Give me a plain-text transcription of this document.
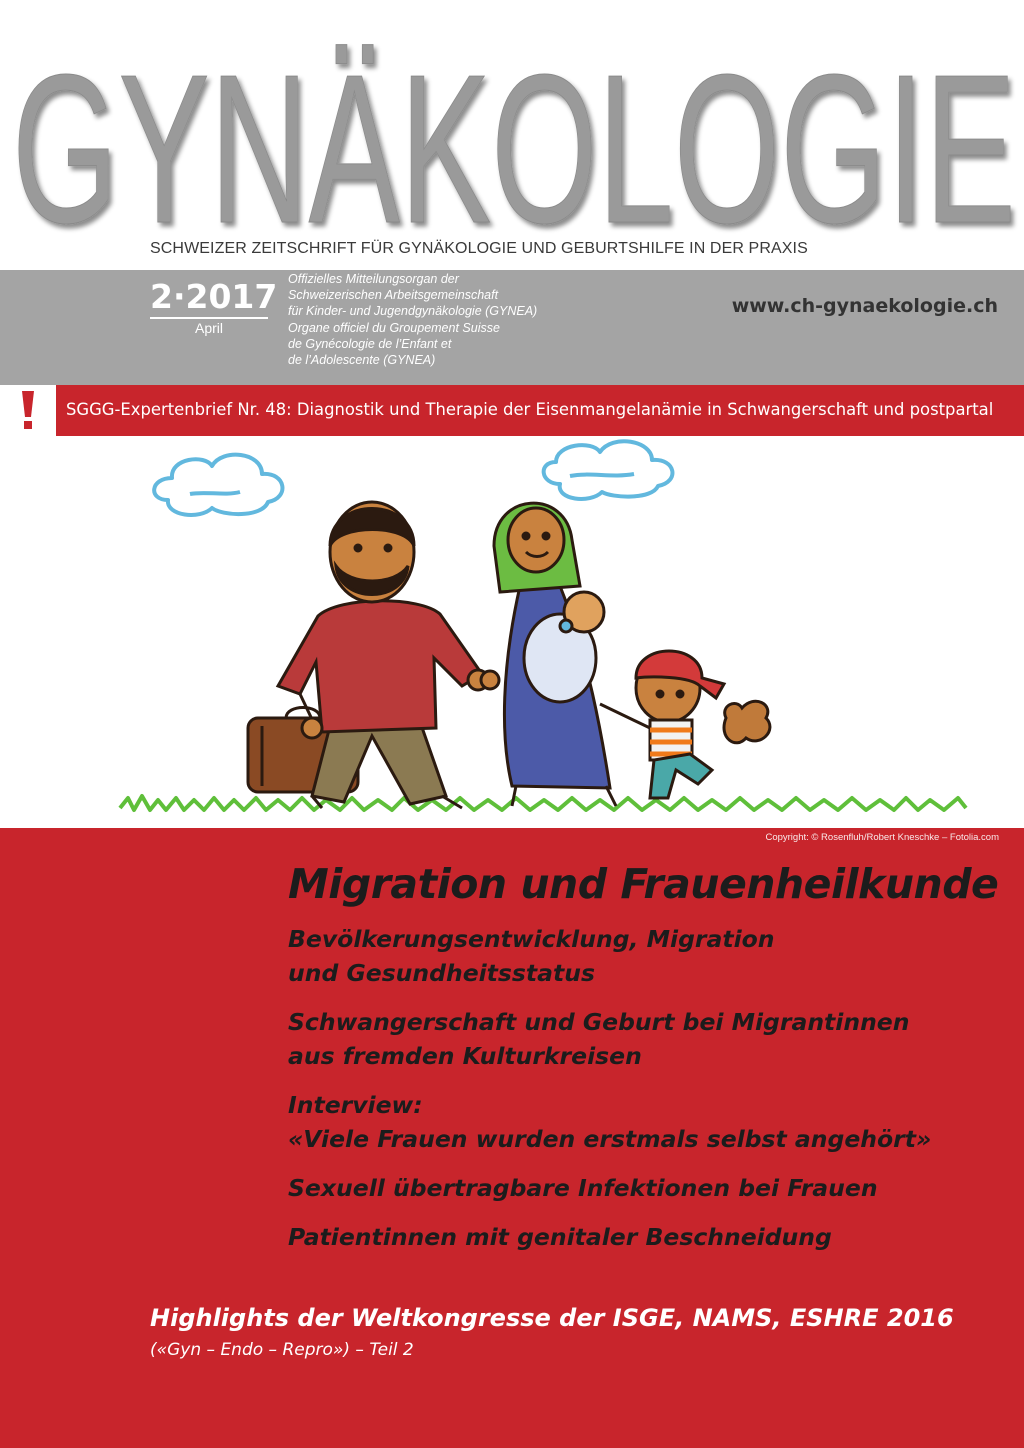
GYNÄKOLOGIE
SCHWEIZER ZEITSCHRIFT FÜR GYNÄKOLOGIE UND GEBURTSHILFE IN DER PRAXIS
2·2017
April
Offizielles Mitteilungsorgan der
Schweizerischen Arbeitsgemeinschaft
für Kinder- und Jugendgynäkologie (GYNEA)
Organe officiel du Groupement Suisse
de Gynécologie de l’Enfant et
de l’Adolescente (GYNEA)
www.ch-gynaekologie.ch
SGGG-Expertenbrief Nr. 48: Diagnostik und Therapie der Eisenmangelanämie in Schwangerschaft und postpartal
Copyright: © Rosenfluh/Robert Kneschke – Fotolia.com
Migration und Frauenheilkunde
Bevölkerungsentwicklung, Migration
und Gesundheitsstatus
Schwangerschaft und Geburt bei Migrantinnen
aus fremden Kulturkreisen
Interview:
«Viele Frauen wurden erstmals selbst angehört»
Sexuell übertragbare Infektionen bei Frauen
Patientinnen mit genitaler Beschneidung
Highlights der Weltkongresse der ISGE, NAMS, ESHRE 2016
(«Gyn – Endo – Repro») – Teil 2
